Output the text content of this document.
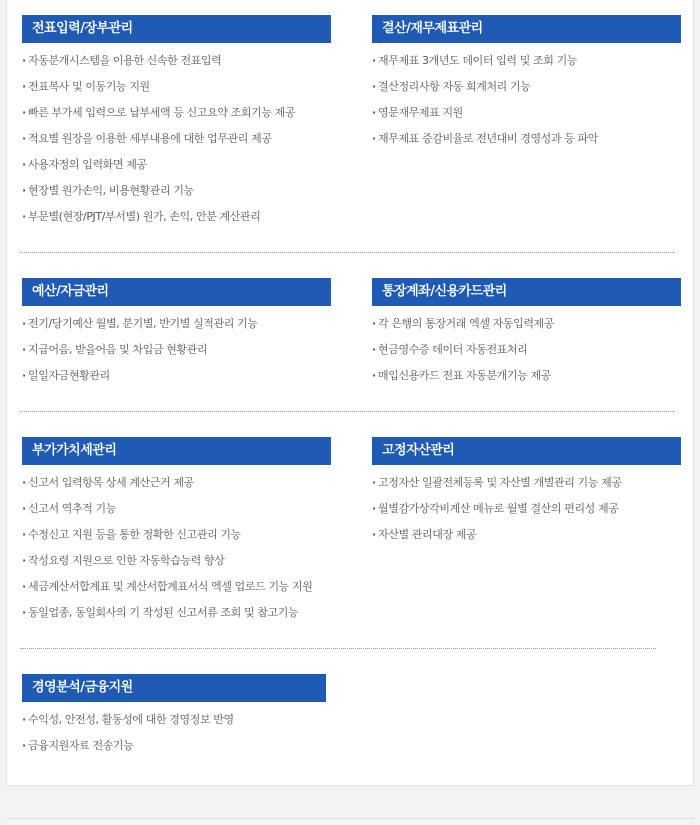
전표입력/장부관리
· 자동분개시스템을 이용한 신속한 전표입력
· 전표복사 및 이동기능 지원
· 빠른 부가세 입력으로 납부세액 등 신고요약 조회기능 제공
· 적요별 원장을 이용한 세부내용에 대한 업무관리 제공
· 사용자정의 입력화면 제공
· 현장별 원가손익, 비용현황관리 기능
· 부문별(현장/PJT/부서별) 원가, 손익, 안분 계산관리
결산/재무제표관리
· 재무제표 3개년도 데이터 입력 및 조회 기능
· 결산정리사항 자동 회계처리 기능
· 영문재무제표 지원
· 재무제표 증감비율로 전년대비 경영성과 등 파악
예산/자금관리
· 전기/당기예산 월별, 분기별, 반기별 실적관리 기능
· 지급어음, 받을어음 및 차입금 현황관리
· 일일자금현황관리
통장계좌/신용카드관리
· 각 은행의 통장거래 엑셀 자동입력제공
· 현금영수증 데이터 자동전표처리
· 매입신용카드 전표 자동분개기능 제공
부가가치세관리
· 신고서 입력항목 상세 계산근거 제공
· 신고서 역추적 기능
· 수정신고 지원 등을 통한 정확한 신고관리 기능
· 작성요령 지원으로 인한 자동학습능력 향상
· 세금계산서합계표 및 계산서합계표서식 엑셀 업로드 기능 지원
· 동일업종, 동일회사의 기 작성된 신고서류 조회 및 참고기능
고정자산관리
· 고정자산 일괄전체등록 및 자산별 개별관리 기능 제공
· 월별감가상각비계산 메뉴로 월별 결산의 편리성 제공
· 자산별 관리대장 제공
경영분석/금융지원
· 수익성, 안전성, 활동성에 대한 경영정보 반영
· 금융지원자료 전송기능
